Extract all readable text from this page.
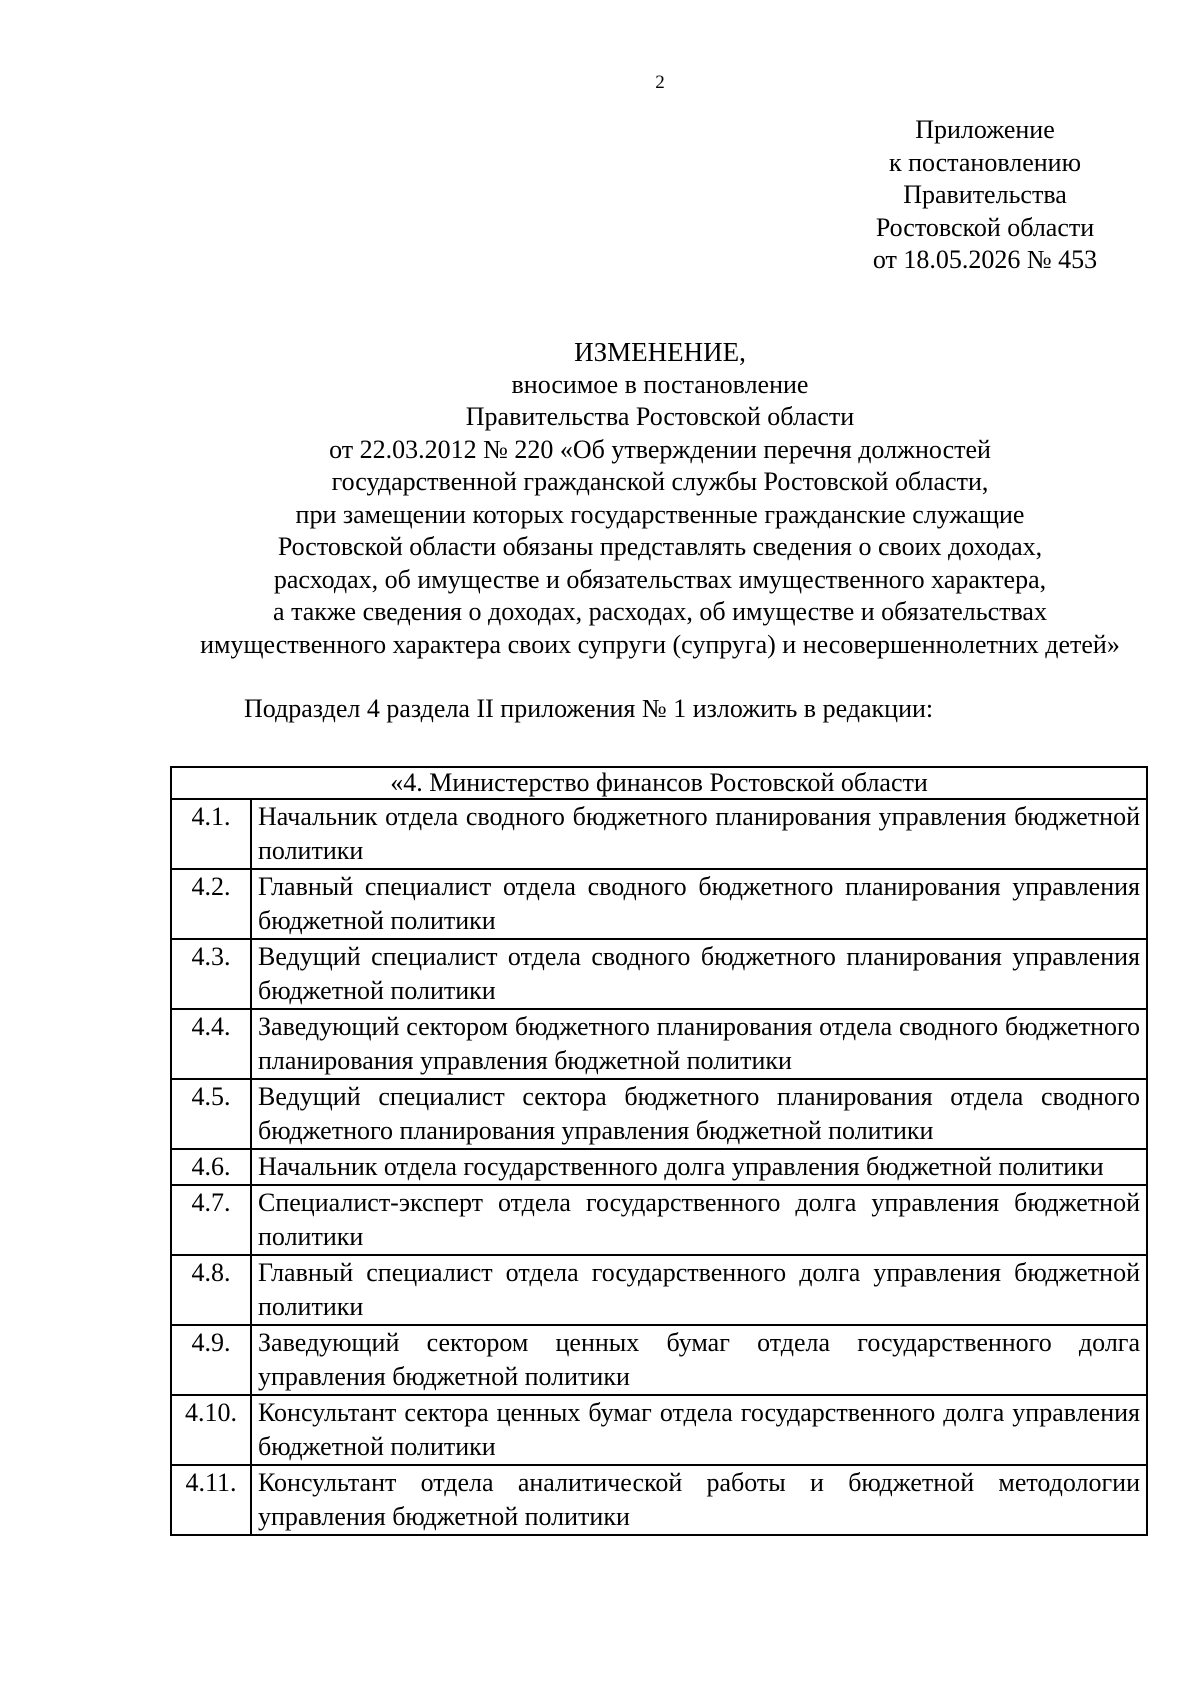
2
Приложение
к постановлению
Правительства
Ростовской области
от 18.05.2026 № 453
ИЗМЕНЕНИЕ,
вносимое в постановление
Правительства Ростовской области
от 22.03.2012 № 220 «Об утверждении перечня должностей
государственной гражданской службы Ростовской области,
при замещении которых государственные гражданские служащие
Ростовской области обязаны представлять сведения о своих доходах,
расходах, об имуществе и обязательствах имущественного характера,
а также сведения о доходах, расходах, об имуществе и обязательствах
имущественного характера своих супруги (супруга) и несовершеннолетних детей»
Подраздел 4 раздела II приложения № 1 изложить в редакции:
«4. Министерство финансов Ростовской области	
4.1.	Начальник отдела сводного бюджетного планирования управления бюджетной политики
4.2.	Главный специалист отдела сводного бюджетного планирования управления бюджетной политики
4.3.	Ведущий специалист отдела сводного бюджетного планирования управления бюджетной политики
4.4.	Заведующий сектором бюджетного планирования отдела сводного бюджетного планирования управления бюджетной политики
4.5.	Ведущий специалист сектора бюджетного планирования отдела сводного бюджетного планирования управления бюджетной политики
4.6.	Начальник отдела государственного долга управления бюджетной политики
4.7.	Специалист-эксперт отдела государственного долга управления бюджетной политики
4.8.	Главный специалист отдела государственного долга управления бюджетной политики
4.9.	Заведующий сектором ценных бумаг отдела государственного долга управления бюджетной политики
4.10.	Консультант сектора ценных бумаг отдела государственного долга управления бюджетной политики
4.11.	Консультант отдела аналитической работы и бюджетной методологии управления бюджетной политики
